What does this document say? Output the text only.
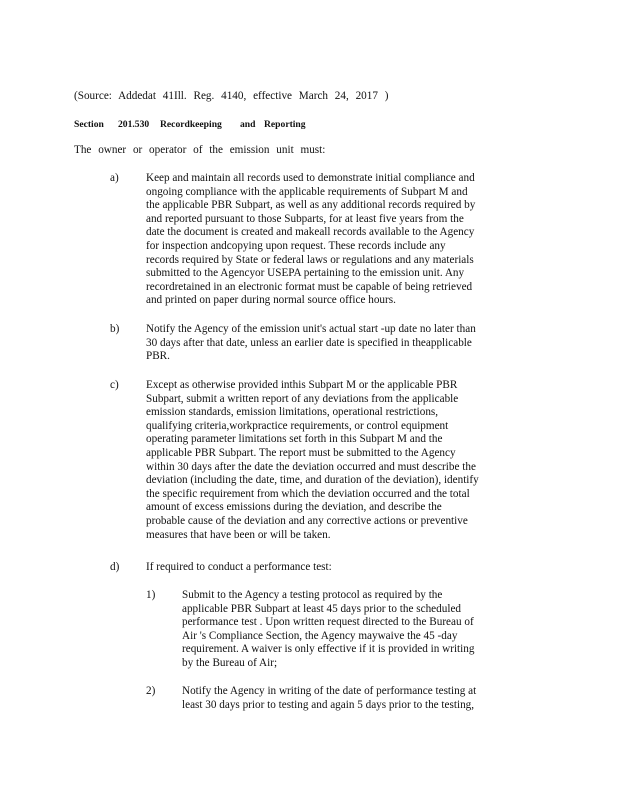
(Source: Addedat 41Ill. Reg. 4140, effective March 24, 2017 )
Section 201.530 Recordkeeping and Reporting
The owner or operator of the emission unit must:
a)	Keep and maintain all records used to demonstrate initial compliance and
ongoing compliance with the applicable requirements of Subpart M and
the applicable PBR Subpart, as well as any additional records required by
and reported pursuant to those Subparts, for at least five years from the
date the document is created and makeall records available to the Agency
for inspection andcopying upon request. These records include any
records required by State or federal laws or regulations and any materials
submitted to the Agencyor USEPA pertaining to the emission unit. Any
recordretained in an electronic format must be capable of being retrieved
and printed on paper during normal source office hours.
b)	Notify the Agency of the emission unit's actual start -up date no later than
30 days after that date, unless an earlier date is specified in theapplicable
PBR.
c)	Except as otherwise provided inthis Subpart M or the applicable PBR
Subpart, submit a written report of any deviations from the applicable
emission standards, emission limitations, operational restrictions,
qualifying criteria,workpractice requirements, or control equipment
operating parameter limitations set forth in this Subpart M and the
applicable PBR Subpart. The report must be submitted to the Agency
within 30 days after the date the deviation occurred and must describe the
deviation (including the date, time, and duration of the deviation), identify
the specific requirement from which the deviation occurred and the total
amount of excess emissions during the deviation, and describe the
probable cause of the deviation and any corrective actions or preventive
measures that have been or will be taken.
d)	If required to conduct a performance test:
1)	Submit to the Agency a testing protocol as required by the
applicable PBR Subpart at least 45 days prior to the scheduled
performance test . Upon written request directed to the Bureau of
Air 's Compliance Section, the Agency maywaive the 45 -day
requirement. A waiver is only effective if it is provided in writing
by the Bureau of Air;
2)	Notify the Agency in writing of the date of performance testing at
least 30 days prior to testing and again 5 days prior to the testing,
